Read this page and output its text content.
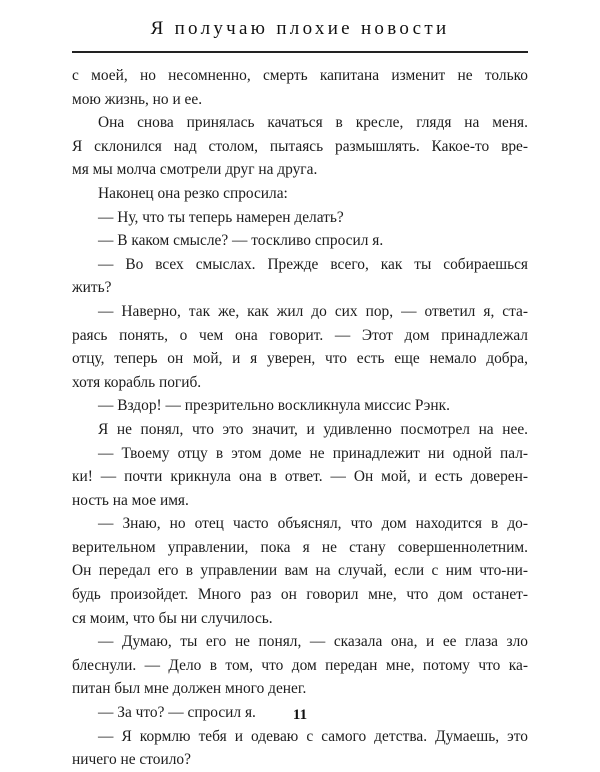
Я получаю плохие новости
с моей, но несомненно, смерть капитана изменит не только
мою жизнь, но и ее.
Она снова принялась качаться в кресле, глядя на меня.
Я склонился над столом, пытаясь размышлять. Какое-то вре-
мя мы молча смотрели друг на друга.
Наконец она резко спросила:
— Ну, что ты теперь намерен делать?
— В каком смысле? — тоскливо спросил я.
— Во всех смыслах. Прежде всего, как ты собираешься
жить?
— Наверно, так же, как жил до сих пор, — ответил я, ста-
раясь понять, о чем она говорит. — Этот дом принадлежал
отцу, теперь он мой, и я уверен, что есть еще немало добра,
хотя корабль погиб.
— Вздор! — презрительно воскликнула миссис Рэнк.
Я не понял, что это значит, и удивленно посмотрел на нее.
— Твоему отцу в этом доме не принадлежит ни одной пал-
ки! — почти крикнула она в ответ. — Он мой, и есть доверен-
ность на мое имя.
— Знаю, но отец часто объяснял, что дом находится в до-
верительном управлении, пока я не стану совершеннолетним.
Он передал его в управлении вам на случай, если с ним что-ни-
будь произойдет. Много раз он говорил мне, что дом останет-
ся моим, что бы ни случилось.
— Думаю, ты его не понял, — сказала она, и ее глаза зло
блеснули. — Дело в том, что дом передан мне, потому что ка-
питан был мне должен много денег.
— За что? — спросил я.
— Я кормлю тебя и одеваю с самого детства. Думаешь, это
ничего не стоило?
11
